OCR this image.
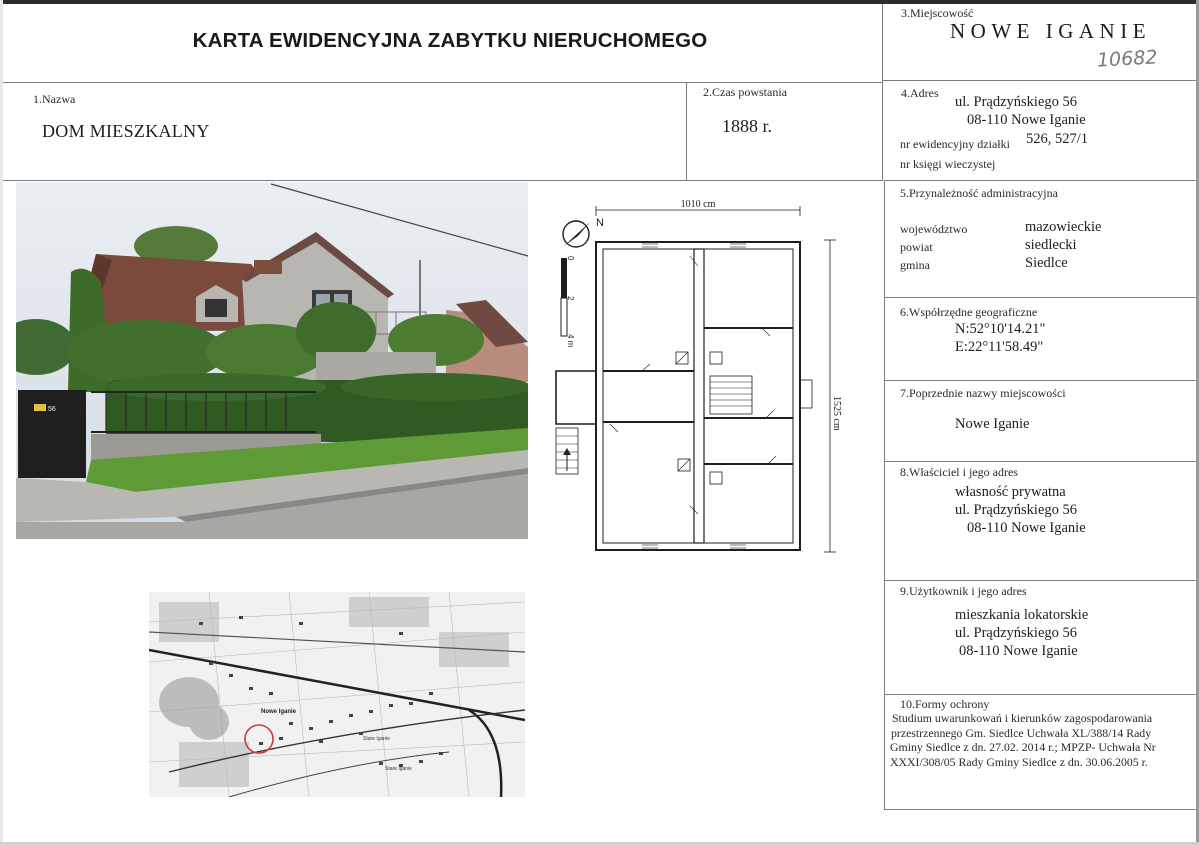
KARTA EWIDENCYJNA ZABYTKU NIERUCHOMEGO
3.Miejscowość
NOWE IGANIE
10682
1.Nazwa
DOM MIESZKALNY
2.Czas powstania
1888 r.
4.Adres
ul. Prądzyńskiego 56
08-110 Nowe Iganie
nr ewidencyjny działki 526, 527/1
nr księgi wieczystej
5.Przynależność administracyjna
województwo	mazowieckie
powiat	siedlecki
gmina	Siedlce
6.Współrzędne geograficzne
N:52°10'14.21"
E:22°11'58.49"
7.Poprzednie nazwy miejscowości
Nowe Iganie
8.Właściciel i jego adres
własność prywatna
ul. Prądzyńskiego 56
08-110 Nowe Iganie
9.Użytkownik i jego adres
mieszkania lokatorskie
ul. Prądzyńskiego 56
08-110 Nowe Iganie
10.Formy ochrony
Studium uwarunkowań i kierunków zagospodarowania
przestrzennego Gm. Siedlce Uchwała XL/388/14 Rady
Gminy Siedlce z dn. 27.02. 2014 r.; MPZP- Uchwała Nr
XXXI/308/05 Rady Gminy Siedlce z dn. 30.06.2005 r.
56
N
0
2
4 m
1010 cm
1525 cm
Nowe Iganie
Stare Iganie
Stare Iganie
